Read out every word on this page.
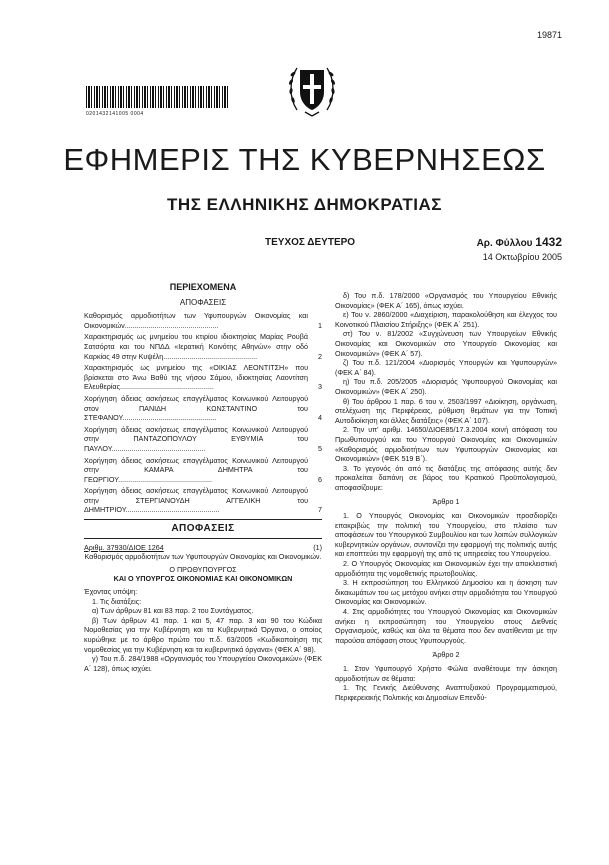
19871
0201432141005 0004
ΕΦΗΜΕΡΙΣ ΤΗΣ ΚΥΒΕΡΝΗΣΕΩΣ
ΤΗΣ ΕΛΛΗΝΙΚΗΣ ΔΗΜΟΚΡΑΤΙΑΣ
ΤΕΥΧΟΣ ΔΕΥΤΕΡΟ	Αρ. Φύλλου 1432
14 Οκτωβρίου 2005
ΠΕΡΙΕΧΟΜΕΝΑ
ΑΠΟΦΑΣΕΙΣ
Καθορισμός αρμοδιοτήτων των Υφυπουργών Οικονομίας και Οικονομικών...............................................	1
Χαρακτηρισμός ως μνημείου του κτιρίου ιδιοκτησίας Μαρίας Ρουβά Σατσόρτα και του ΝΠΔΔ «Ιερατική Κοινότης Αθηνών» στην οδό Καρκίας 49 στην Κυψέλη...............................................	2
Χαρακτηρισμός ως μνημείου της «ΟΙΚΙΑΣ ΛΕΟΝΤΙΤΣΗ» που βρίσκεται στο Άνω Βαθύ της νήσου Σάμου, ιδιοκτησίας Λαοντίτση Ελευθερίας...............................................	3
Χορήγηση άδειας ασκήσεως επαγγέλματος Κοινωνικού Λειτουργού στον ΠΑΝΙΔΗ ΚΩΝΣΤΑΝΤΙΝΟ του ΣΤΕΦΑΝΟΥ...............................................	4
Χορήγηση άδειας ασκήσεως επαγγέλματος Κοινωνικού Λειτουργού στην ΠΑΝΤΑΖΟΠΟΥΛΟΥ ΕΥΘΥΜΙΑ του ΠΑΥΛΟΥ...............................................	5
Χορήγηση άδειας ασκήσεως επαγγέλματος Κοινωνικού Λειτουργού στην ΚΑΜΑΡΑ ΔΗΜΗΤΡΑ του ΓΕΩΡΓΙΟΥ...............................................	6
Χορήγηση άδειας ασκήσεως επαγγέλματος Κοινωνικού Λειτουργού στην ΣΤΕΡΓΙΑΝΟΥΔΗ ΑΓΓΕΛΙΚΗ του ΔΗΜΗΤΡΙΟΥ...............................................	7
ΑΠΟΦΑΣΕΙΣ
Αριθμ. 37930/ΔΙΟΕ 1264	(1)
Καθορισμός αρμοδιοτήτων των Υφυπουργών Οικονομίας και Οικονομικών.
Ο ΠΡΩΘΥΠΟΥΡΓΟΣ
ΚΑΙ Ο ΥΠΟΥΡΓΟΣ ΟΙΚΟΝΟΜΙΑΣ ΚΑΙ ΟΙΚΟΝΟΜΙΚΩΝ
Έχοντας υπόψη:

1. Τις διατάξεις:

α) Των άρθρων 81 και 83 παρ. 2 του Συντάγματος.

β) Των άρθρων 41 παρ. 1 και 5, 47 παρ. 3 και 90 του Κώδικα Νομοθεσίας για την Κυβέρνηση και τα Κυβερνητικά Όργανα, ο οποίος κυρώθηκε με το άρθρο πρώτο του π.δ. 63/2005 «Κωδικοποίηση της νομοθεσίας για την Κυβέρνηση και τα κυβερνητικά όργανα» (ΦΕΚ Α΄ 98).

γ) Του π.δ. 284/1988 «Οργανισμός του Υπουργείου Οικονομικών» (ΦΕΚ Α΄ 128), όπως ισχύει.

δ) Του π.δ. 178/2000 «Οργανισμός του Υπουργείου Εθνικής Οικονομίας» (ΦΕΚ Α΄ 165), όπως ισχύει.

ε) Του ν. 2860/2000 «Διαχείριση, παρακολούθηση και έλεγχος του Κοινοτικού Πλαισίου Στήριξης» (ΦΕΚ Α΄ 251).

στ) Του ν. 81/2002 «Συγχώνευση των Υπουργείων Εθνικής Οικονομίας και Οικονομικών στο Υπουργείο Οικονομίας και Οικονομικών» (ΦΕΚ Α΄ 57).

ζ) Του π.δ. 121/2004 «Διορισμός Υπουργών και Υφυπουργών» (ΦΕΚ Α΄ 84).

η) Του π.δ. 205/2005 «Διορισμός Υφυπουργού Οικονομίας και Οικονομικών» (ΦΕΚ Α΄ 250).

θ) Του άρθρου 1 παρ. 6 του ν. 2503/1997 «Διοίκηση, οργάνωση, στελέχωση της Περιφέρειας, ρύθμιση θεμάτων για την Τοπική Αυτοδιοίκηση και άλλες διατάξεις» (ΦΕΚ Α΄ 107).

2. Την υπ' αριθμ. 14650/ΔΙΟΕ85/17.3.2004 κοινή απόφαση του Πρωθυπουργού και του Υπουργού Οικονομίας και Οικονομικών «Καθορισμός αρμοδιοτήτων των Υφυπουργών Οικονομίας και Οικονομικών» (ΦΕΚ 519 Β΄).

3. Το γεγονός ότι από τις διατάξεις της απόφασης αυτής δεν προκαλείται δαπάνη σε βάρος του Κρατικού Προϋπολογισμού, αποφασίζουμε:

Άρθρο 1

1. Ο Υπουργός Οικονομίας και Οικονομικών προσδιορίζει επακριβώς την πολιτική του Υπουργείου, στο πλαίσιο των αποφάσεων του Υπουργικού Συμβουλίου και των λοιπών συλλογικών κυβερνητικών οργάνων, συντονίζει την εφαρμογή της πολιτικής αυτής και εποπτεύει την εφαρμογή της από τις υπηρεσίες του Υπουργείου.

2. Ο Υπουργός Οικονομίας και Οικονομικών έχει την αποκλειστική αρμοδιότητα της νομοθετικής πρωτοβουλίας.

3. Η εκπροσώπηση του Ελληνικού Δημοσίου και η άσκηση των δικαιωμάτων του ως μετόχου ανήκει στην αρμοδιότητα του Υπουργού Οικονομίας και Οικονομικών.

4. Στις αρμοδιότητες του Υπουργού Οικονομίας και Οικονομικών ανήκει η εκπροσώπηση του Υπουργείου στους Διεθνείς Οργανισμούς, καθώς και όλα τα θέματα που δεν ανατίθενται με την παρούσα απόφαση στους Υφυπουργούς.

Άρθρο 2

1. Στον Υφυπουργό Χρήστο Φώλια αναθέτουμε την άσκηση αρμοδιοτήτων σε θέματα:

1. Της Γενικής Διεύθυνσης Αναπτυξιακού Προγραμματισμού, Περιφερειακής Πολιτικής και Δημοσίων Επενδύ-
